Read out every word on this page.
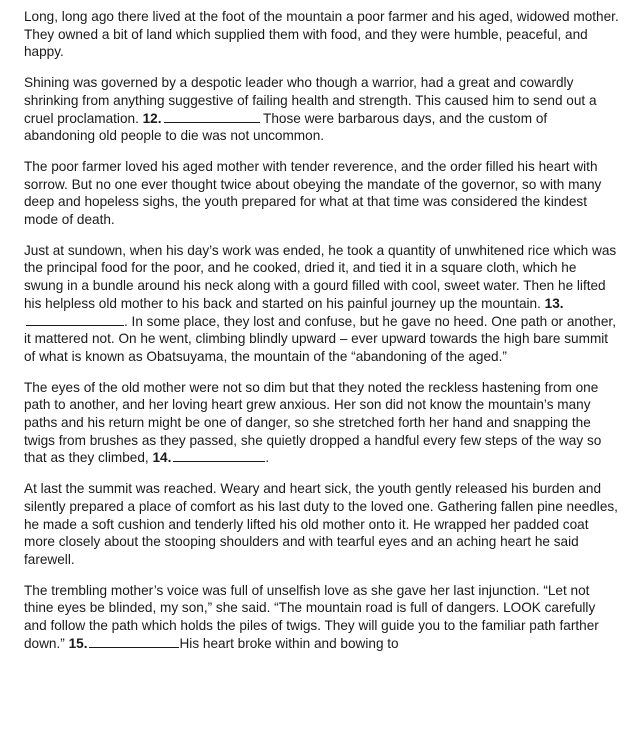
Long, long ago there lived at the foot of the mountain a poor farmer and his aged, widowed mother. They owned a bit of land which supplied them with food, and they were humble, peaceful, and happy.

Shining was governed by a despotic leader who though a warrior, had a great and cowardly shrinking from anything suggestive of failing health and strength. This caused him to send out a cruel proclamation. 12.	Those were barbarous days, and the custom of abandoning old people to die was not uncommon.

The poor farmer loved his aged mother with tender reverence, and the order filled his heart with sorrow. But no one ever thought twice about obeying the mandate of the governor, so with many deep and hopeless sighs, the youth prepared for what at that time was considered the kindest mode of death.

Just at sundown, when his day’s work was ended, he took a quantity of unwhitened rice which was the principal food for the poor, and he cooked, dried it, and tied it in a square cloth, which he swung in a bundle around his neck along with a gourd filled with cool, sweet water. Then he lifted his helpless old mother to his back and started on his painful journey up the mountain. 13.. In some place, they lost and confuse, but he gave no heed. One path or another, it mattered not. On he went, climbing blindly upward – ever upward towards the high bare summit of what is known as Obatsuyama, the mountain of the “abandoning of the aged.”

The eyes of the old mother were not so dim but that they noted the reckless hastening from one path to another, and her loving heart grew anxious. Her son did not know the mountain’s many paths and his return might be one of danger, so she stretched forth her hand and snapping the twigs from brushes as they passed, she quietly dropped a handful every few steps of the way so that as they climbed, 14.	.

At last the summit was reached. Weary and heart sick, the youth gently released his burden and silently prepared a place of comfort as his last duty to the loved one. Gathering fallen pine needles, he made a soft cushion and tenderly lifted his old mother onto it. He wrapped her padded coat more closely about the stooping shoulders and with tearful eyes and an aching heart he said farewell.

The trembling mother’s voice was full of unselfish love as she gave her last injunction. “Let not thine eyes be blinded, my son,” she said. “The mountain road is full of dangers. LOOK carefully and follow the path which holds the piles of twigs. They will guide you to the familiar path farther down.” 15.	His heart broke within and bowing to
